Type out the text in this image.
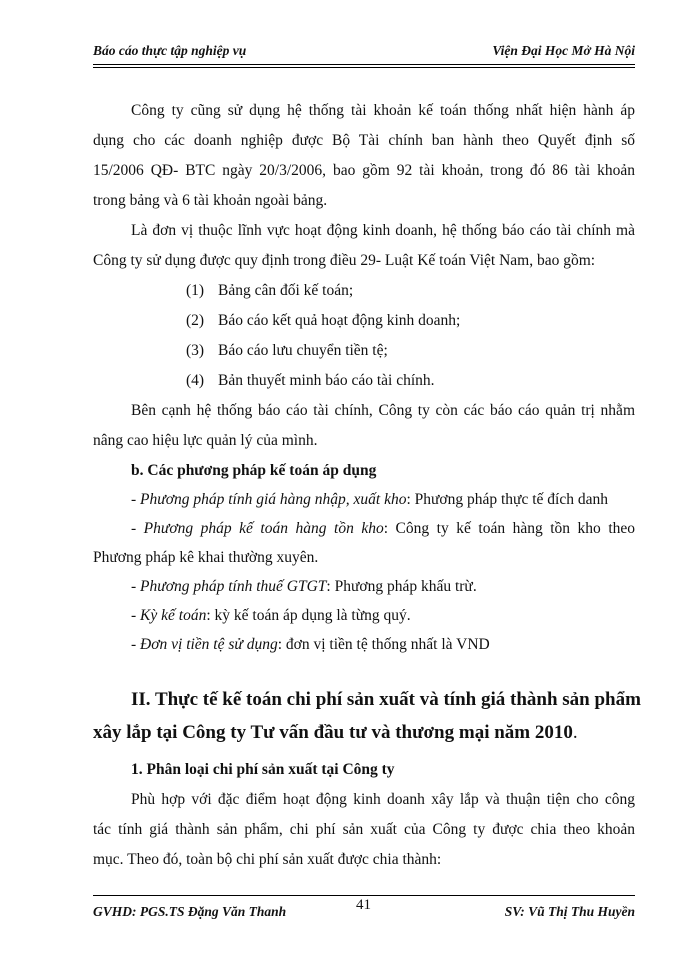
Báo cáo thực tập nghiệp vụ	Viện Đại Học Mở Hà Nội
Công ty cũng sử dụng hệ thống tài khoản kế toán thống nhất hiện hành áp
dụng cho các doanh nghiệp được Bộ Tài chính ban hành theo Quyết định số
15/2006 QĐ- BTC ngày 20/3/2006, bao gồm 92 tài khoản, trong đó 86 tài khoản
trong bảng và 6 tài khoản ngoài bảng.
Là đơn vị thuộc lĩnh vực hoạt động kinh doanh, hệ thống báo cáo tài chính mà
Công ty sử dụng được quy định trong điều 29- Luật Kế toán Việt Nam, bao gồm:
(1) Bảng cân đối kế toán;
(2) Báo cáo kết quả hoạt động kinh doanh;
(3) Báo cáo lưu chuyển tiền tệ;
(4) Bản thuyết minh báo cáo tài chính.
Bên cạnh hệ thống báo cáo tài chính, Công ty còn các báo cáo quản trị nhằm
nâng cao hiệu lực quản lý của mình.
b. Các phương pháp kế toán áp dụng
- Phương pháp tính giá hàng nhập, xuất kho: Phương pháp thực tế đích danh
- Phương pháp kế toán hàng tồn kho: Công ty kế toán hàng tồn kho theo
Phương pháp kê khai thường xuyên.
- Phương pháp tính thuế GTGT: Phương pháp khấu trừ.
- Kỳ kế toán: kỳ kế toán áp dụng là từng quý.
- Đơn vị tiền tệ sử dụng: đơn vị tiền tệ thống nhất là VND
II. Thực tế kế toán chi phí sản xuất và tính giá thành sản phẩm
xây lắp tại Công ty Tư vấn đầu tư và thương mại năm 2010.
1. Phân loại chi phí sản xuất tại Công ty
Phù hợp với đặc điểm hoạt động kinh doanh xây lắp và thuận tiện cho công
tác tính giá thành sản phẩm, chi phí sản xuất của Công ty được chia theo khoản
mục. Theo đó, toàn bộ chi phí sản xuất được chia thành:
GVHD: PGS.TS Đặng Văn Thanh	41	SV: Vũ Thị Thu Huyền
